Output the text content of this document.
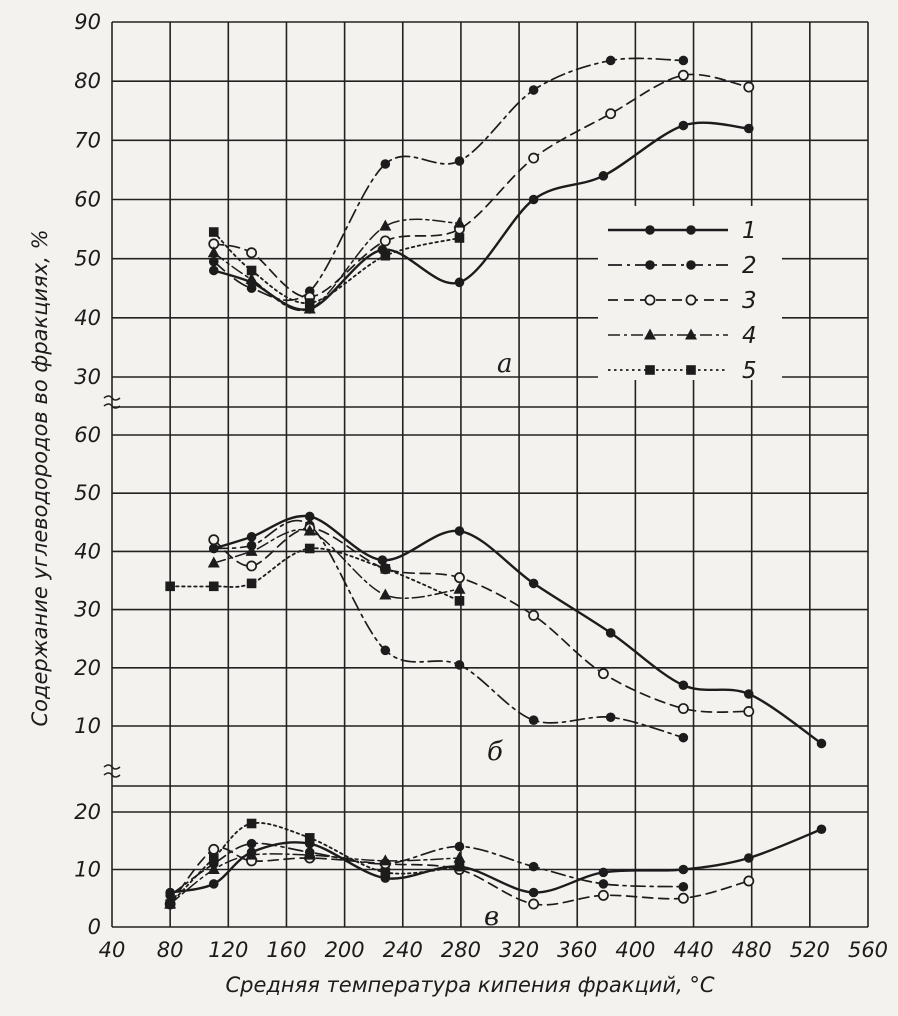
40 80 120 160 200 240 280 320 360 400 440 480 520 560
30
40
50
60
70
80
90
10
20
30
40
50
60
0
10
20
1
2
3
4
5
а
б
в
Средняя температура кипения фракций, °С
Содержание углеводородов во фракциях, %
